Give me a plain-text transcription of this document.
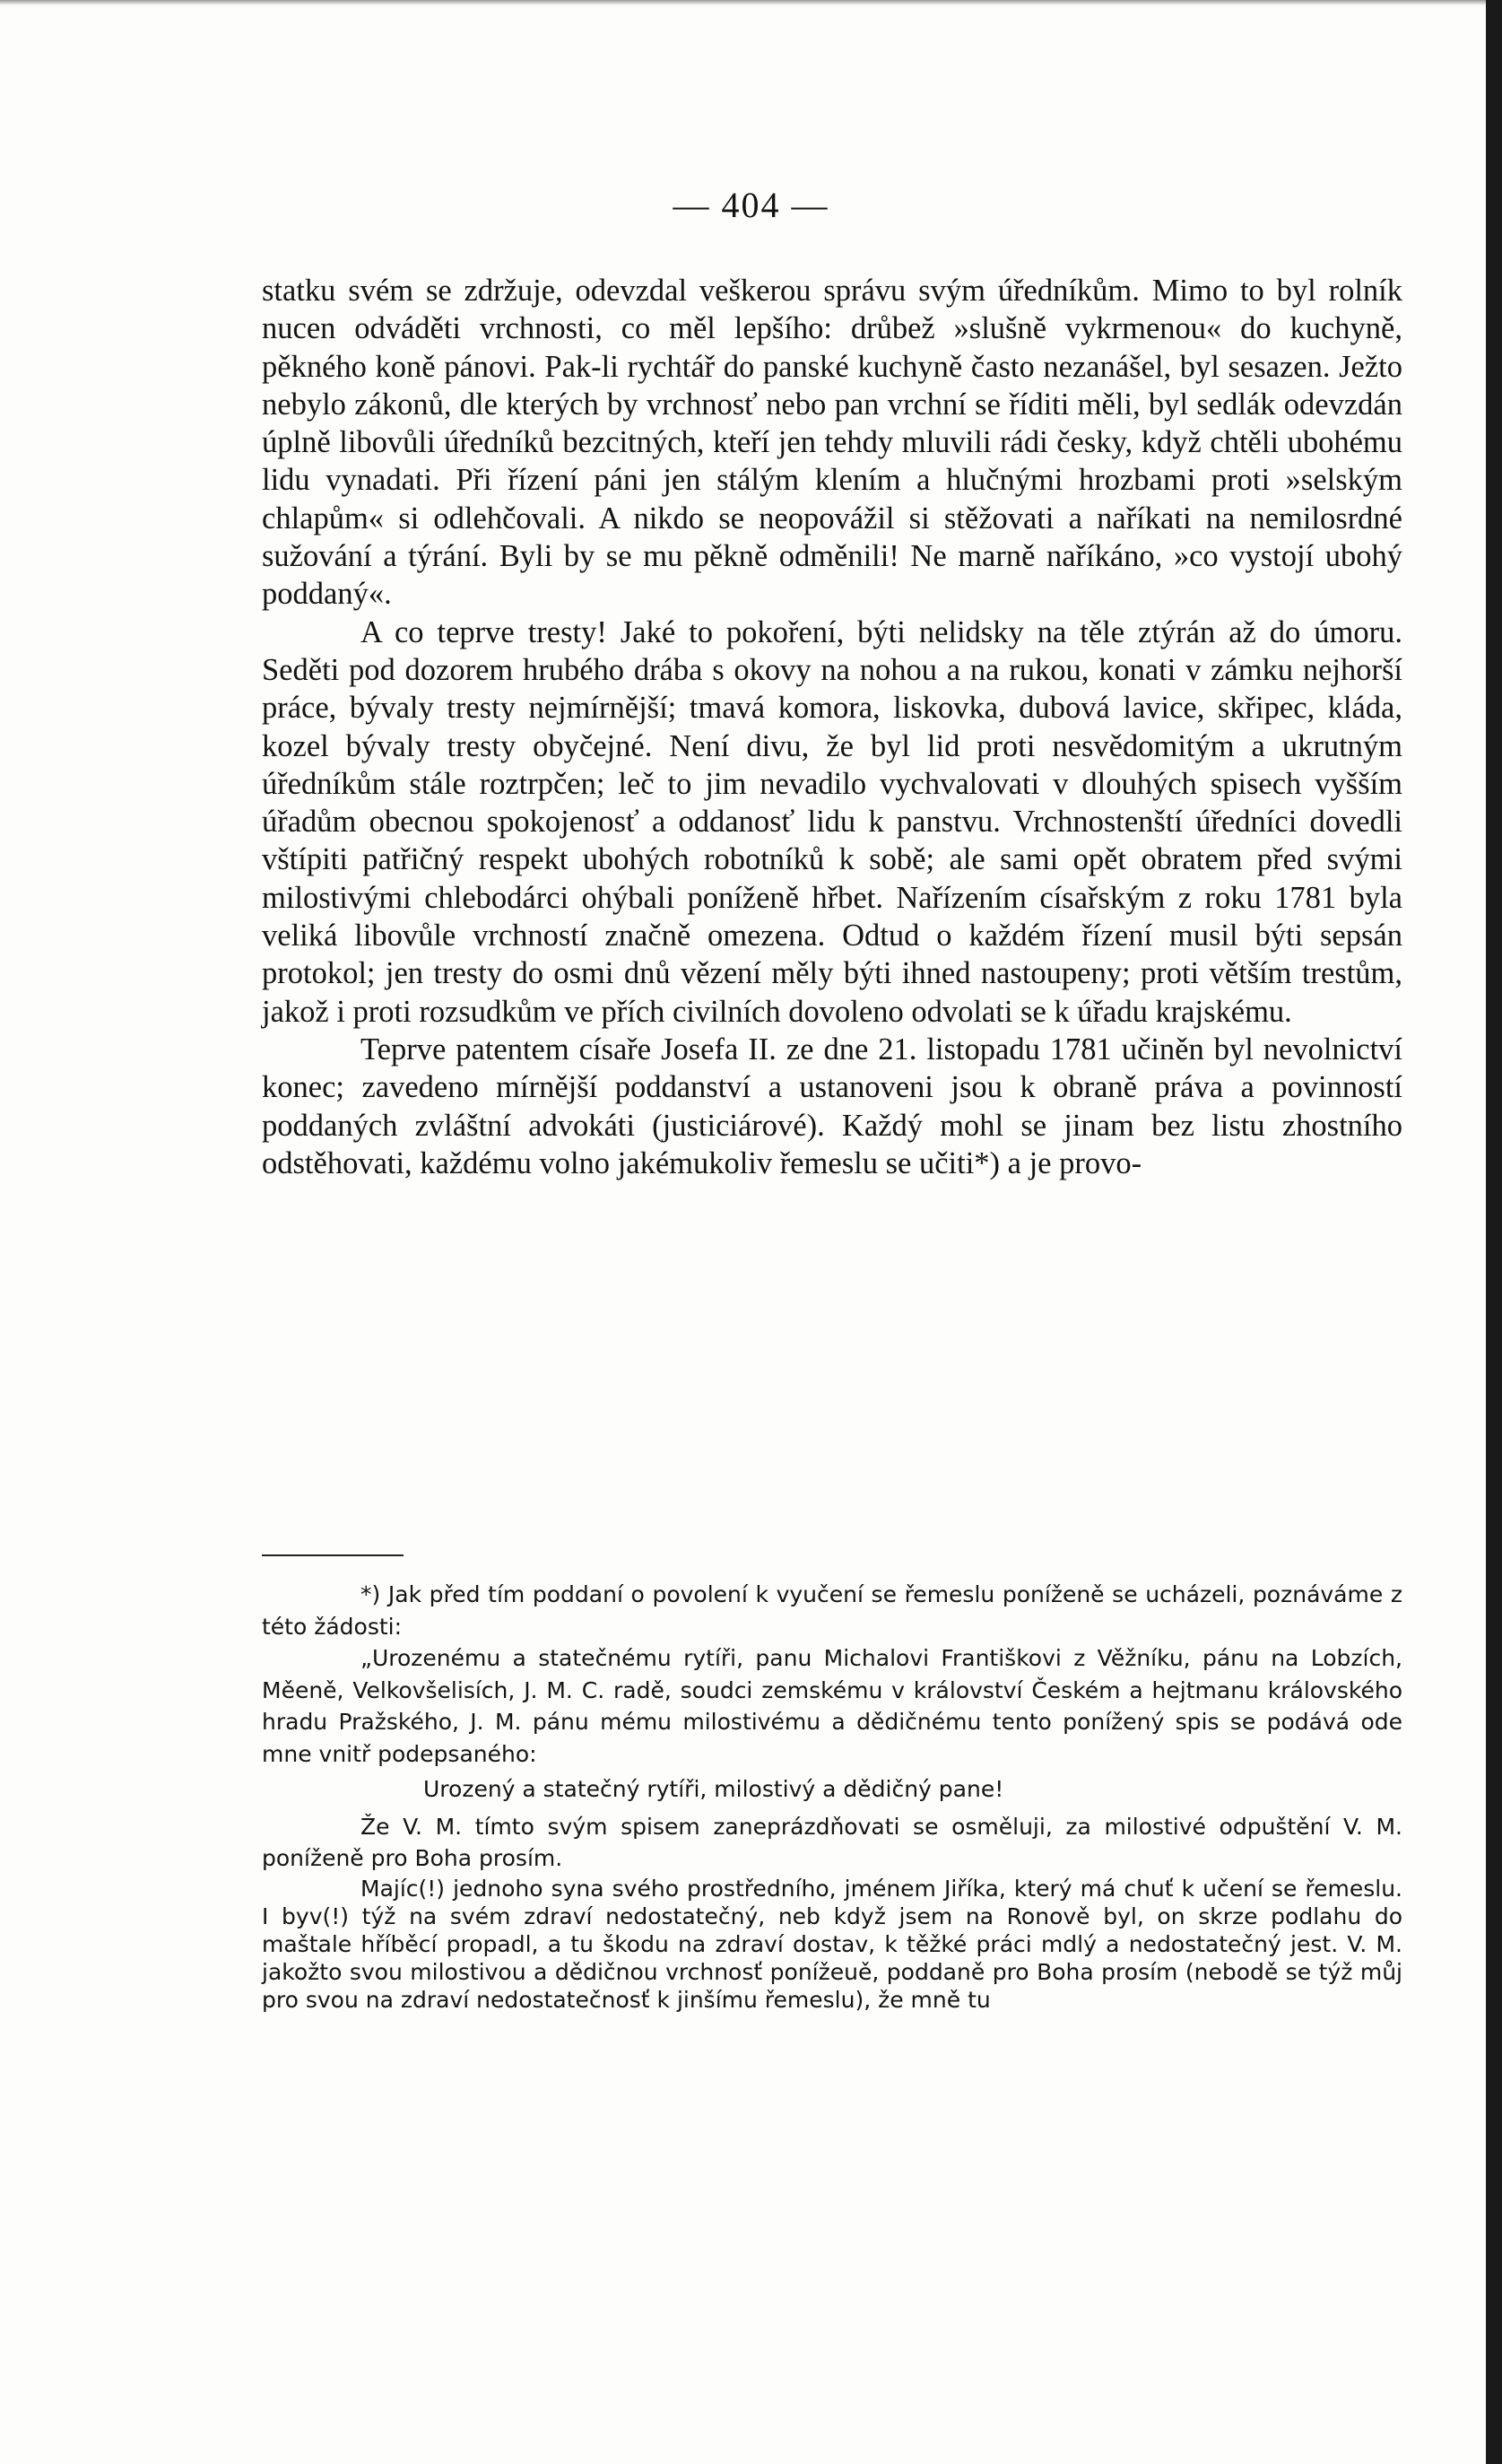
— 404 —

statku svém se zdržuje, odevzdal veškerou správu svým úředníkům. Mimo to byl rolník nucen odváděti vrchnosti, co měl lepšího: drůbež »slušně vykrmenou« do kuchyně, pěkného koně pánovi. Pak-li rychtář do panské kuchyně často nezanášel, byl sesazen. Ježto nebylo zákonů, dle kterých by vrchnosť nebo pan vrchní se říditi měli, byl sedlák odevzdán úplně libovůli úředníků bezcitných, kteří jen tehdy mluvili rádi česky, když chtěli ubohému lidu vynadati. Při řízení páni jen stálým klením a hlučnými hrozbami proti »selským chlapům« si odlehčovali. A nikdo se neopovážil si stěžovati a naříkati na nemilosrdné sužování a týrání. Byli by se mu pěkně odměnili! Ne marně naříkáno, »co vystojí ubohý poddaný«.

A co teprve tresty! Jaké to pokoření, býti nelidsky na těle ztýrán až do úmoru. Seděti pod dozorem hrubého drába s okovy na nohou a na rukou, konati v zámku nejhorší práce, bývaly tresty nejmírnější; tmavá komora, liskovka, dubová lavice, skřipec, kláda, kozel bývaly tresty obyčejné. Není divu, že byl lid proti nesvědomitým a ukrutným úředníkům stále roztrpčen; leč to jim nevadilo vychvalovati v dlouhých spisech vyšším úřadům obecnou spokojenosť a oddanosť lidu k panstvu. Vrchnostenští úředníci dovedli vštípiti patřičný respekt ubohých robotníků k sobě; ale sami opět obratem před svými milostivými chlebodárci ohýbali poníženě hřbet. Nařízením císařským z roku 1781 byla veliká libovůle vrchností značně omezena. Odtud o každém řízení musil býti sepsán protokol; jen tresty do osmi dnů vězení měly býti ihned nastoupeny; proti větším trestům, jakož i proti rozsudkům ve přích civilních dovoleno odvolati se k úřadu krajskému.

Teprve patentem císaře Josefa II. ze dne 21. listopadu 1781 učiněn byl nevolnictví konec; zavedeno mírnější poddanství a ustanoveni jsou k obraně práva a povinností poddaných zvláštní advokáti (justiciárové). Každý mohl se jinam bez listu zhostního odstěhovati, každému volno jakémukoliv řemeslu se učiti*) a je provo-

*) Jak před tím poddaní o povolení k vyučení se řemeslu poníženě se ucházeli, poznáváme z této žádosti:

„Urozenému a statečnému rytíři, panu Michalovi Františkovi z Věžníku, pánu na Lobzích, Měeně, Velkovšelisích, J. M. C. radě, soudci zemskému v království Českém a hejtmanu královského hradu Pražského, J. M. pánu mému milostivému a dědičnému tento ponížený spis se podává ode mne vnitř podepsaného:

Urozený a statečný rytíři, milostivý a dědičný pane!

Že V. M. tímto svým spisem zaneprázdňovati se osměluji, za milostivé odpuštění V. M. poníženě pro Boha prosím.

Majíc(!) jednoho syna svého prostředního, jménem Jiříka, který má chuť k učení se řemeslu. I byv(!) týž na svém zdraví nedostatečný, neb když jsem na Ronově byl, on skrze podlahu do maštale hříběcí propadl, a tu škodu na zdraví dostav, k těžké práci mdlý a nedostatečný jest. V. M. jakožto svou milostivou a dědičnou vrchnosť ponížeuě, poddaně pro Boha prosím (nebodě se týž můj pro svou na zdraví nedostatečnosť k jinšímu řemeslu), že mně tu
